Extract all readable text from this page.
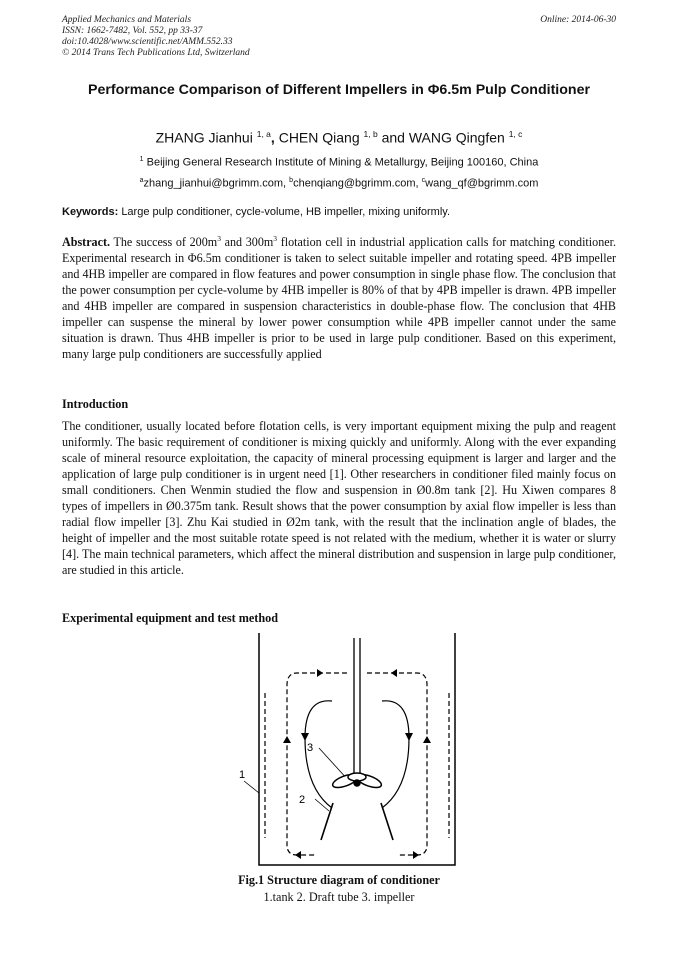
Applied Mechanics and Materials
ISSN: 1662-7482, Vol. 552, pp 33-37
doi:10.4028/www.scientific.net/AMM.552.33
© 2014 Trans Tech Publications Ltd, Switzerland
Online: 2014-06-30
Performance Comparison of Different Impellers in Φ6.5m Pulp Conditioner
ZHANG Jianhui $^{1, a}$, CHEN Qiang $^{1, b}$ and WANG Qingfen $^{1, c}$
$^1$ Beijing General Research Institute of Mining & Metallurgy, Beijing 100160, China
$^a$zhang_jianhui@bgrimm.com, $^b$chenqiang@bgrimm.com, $^c$wang_qf@bgrimm.com
Keywords: Large pulp conditioner, cycle-volume, HB impeller, mixing uniformly.
Abstract. The success of $200m^3$ and $300m^3$ flotation cell in industrial application calls for matching conditioner. Experimental research in Φ6.5m conditioner is taken to select suitable impeller and rotating speed. 4PB impeller and 4HB impeller are compared in flow features and power consumption in single phase flow. The conclusion that the power consumption per cycle-volume by 4HB impeller is 80% of that by 4PB impeller is drawn. 4PB impeller and 4HB impeller are compared in suspension characteristics in double-phase flow. The conclusion that 4HB impeller can suspense the mineral by lower power consumption while 4PB impeller cannot under the same situation is drawn. Thus 4HB impeller is prior to be used in large pulp conditioner. Based on this experiment, many large pulp conditioners are successfully applied
Introduction
The conditioner, usually located before flotation cells, is very important equipment mixing the pulp and reagent uniformly. The basic requirement of conditioner is mixing quickly and uniformly. Along with the ever expanding scale of mineral resource exploitation, the capacity of mineral processing equipment is larger and larger and the application of large pulp conditioner is in urgent need [1]. Other researchers in conditioner filed mainly focus on small conditioners. Chen Wenmin studied the flow and suspension in Ø0.8m tank [2]. Hu Xiwen compares 8 types of impellers in Ø0.375m tank. Result shows that the power consumption by axial flow impeller is less than radial flow impeller [3]. Zhu Kai studied in Ø2m tank, with the result that the inclination angle of blades, the height of impeller and the most suitable rotate speed is not related with the medium, whether it is water or slurry [4]. The main technical parameters, which affect the mineral distribution and suspension in large pulp conditioner, are studied in this article.
Experimental equipment and test method
1
2
3
Fig.1 Structure diagram of conditioner
1.tank 2. Draft tube 3. impeller
